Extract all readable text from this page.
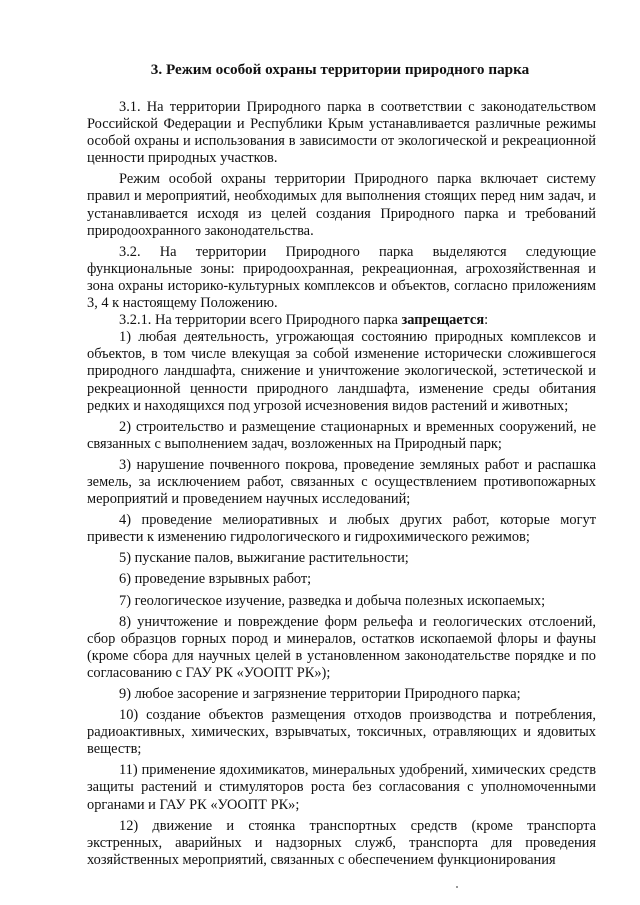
3. Режим особой охраны территории природного парка

3.1. На территории Природного парка в соответствии с законодательством Российской Федерации и Республики Крым устанавливается различные режимы особой охраны и использования в зависимости от экологической и рекреационной ценности природных участков.

Режим особой охраны территории Природного парка включает систему правил и мероприятий, необходимых для выполнения стоящих перед ним задач, и устанавливается исходя из целей создания Природного парка и требований природоохранного законодательства.

3.2. На территории Природного парка выделяются следующие функциональные зоны: природоохранная, рекреационная, агрохозяйственная и зона охраны историко-культурных комплексов и объектов, согласно приложениям 3, 4 к настоящему Положению.

3.2.1. На территории всего Природного парка запрещается:

1) любая деятельность, угрожающая состоянию природных комплексов и объектов, в том числе влекущая за собой изменение исторически сложившегося природного ландшафта, снижение и уничтожение экологической, эстетической и рекреационной ценности природного ландшафта, изменение среды обитания редких и находящихся под угрозой исчезновения видов растений и животных;

2) строительство и размещение стационарных и временных сооружений, не связанных с выполнением задач, возложенных на Природный парк;

3) нарушение почвенного покрова, проведение земляных работ и распашка земель, за исключением работ, связанных с осуществлением противопожарных мероприятий и проведением научных исследований;

4) проведение мелиоративных и любых других работ, которые могут привести к изменению гидрологического и гидрохимического режимов;

5) пускание палов, выжигание растительности;

6) проведение взрывных работ;

7) геологическое изучение, разведка и добыча полезных ископаемых;

8) уничтожение и повреждение форм рельефа и геологических отслоений, сбор образцов горных пород и минералов, остатков ископаемой флоры и фауны (кроме сбора для научных целей в установленном законодательстве порядке и по согласованию с ГАУ РК «УООПТ РК»);

9) любое засорение и загрязнение территории Природного парка;

10) создание объектов размещения отходов производства и потребления, радиоактивных, химических, взрывчатых, токсичных, отравляющих и ядовитых веществ;

11) применение ядохимикатов, минеральных удобрений, химических средств защиты растений и стимуляторов роста без согласования с уполномоченными органами и ГАУ РК «УООПТ РК»;

12) движение и стоянка транспортных средств (кроме транспорта экстренных, аварийных и надзорных служб, транспорта для проведения хозяйственных мероприятий, связанных с обеспечением функционирования
